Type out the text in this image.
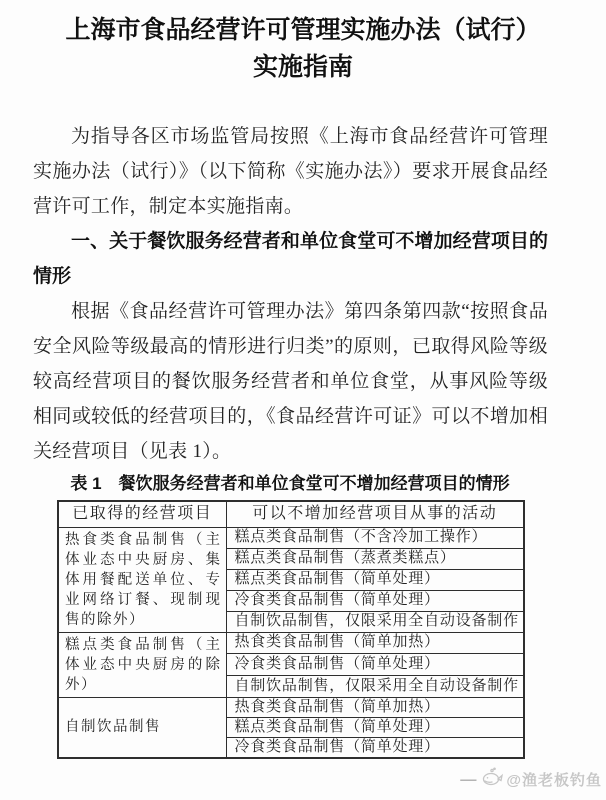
上海市食品经营许可管理实施办法（试行）
实施指南

为指导各区市场监管局按照《上海市食品经营许可管理实施办法（试行）》（以下简称《实施办法》）要求开展食品经营许可工作，制定本实施指南。

一、关于餐饮服务经营者和单位食堂可不增加经营项目的情形

根据《食品经营许可管理办法》第四条第四款“按照食品安全风险等级最高的情形进行归类”的原则，已取得风险等级较高经营项目的餐饮服务经营者和单位食堂，从事风险等级相同或较低的经营项目的，《食品经营许可证》可以不增加相关经营项目（见表 1）。

表 1　餐饮服务经营者和单位食堂可不增加经营项目的情形
已取得的经营项目	可以不增加经营项目从事的活动
热食类食品制售（主体业态中央厨房、集体用餐配送单位、专业网络订餐、现制现售的除外）	糕点类食品制售（不含冷加工操作）
	糕点类食品制售（蒸煮类糕点）
	糕点类食品制售（简单处理）
	冷食类食品制售（简单处理）
	自制饮品制售，仅限采用全自动设备制作
糕点类食品制售（主体业态中央厨房的除外）	热食类食品制售（简单加热）
	冷食类食品制售（简单处理）
	自制饮品制售，仅限采用全自动设备制作
自制饮品制售	热食类食品制售（简单加热）
	糕点类食品制售（简单处理）
	冷食类食品制售（简单处理）
— @渔老板钓鱼
